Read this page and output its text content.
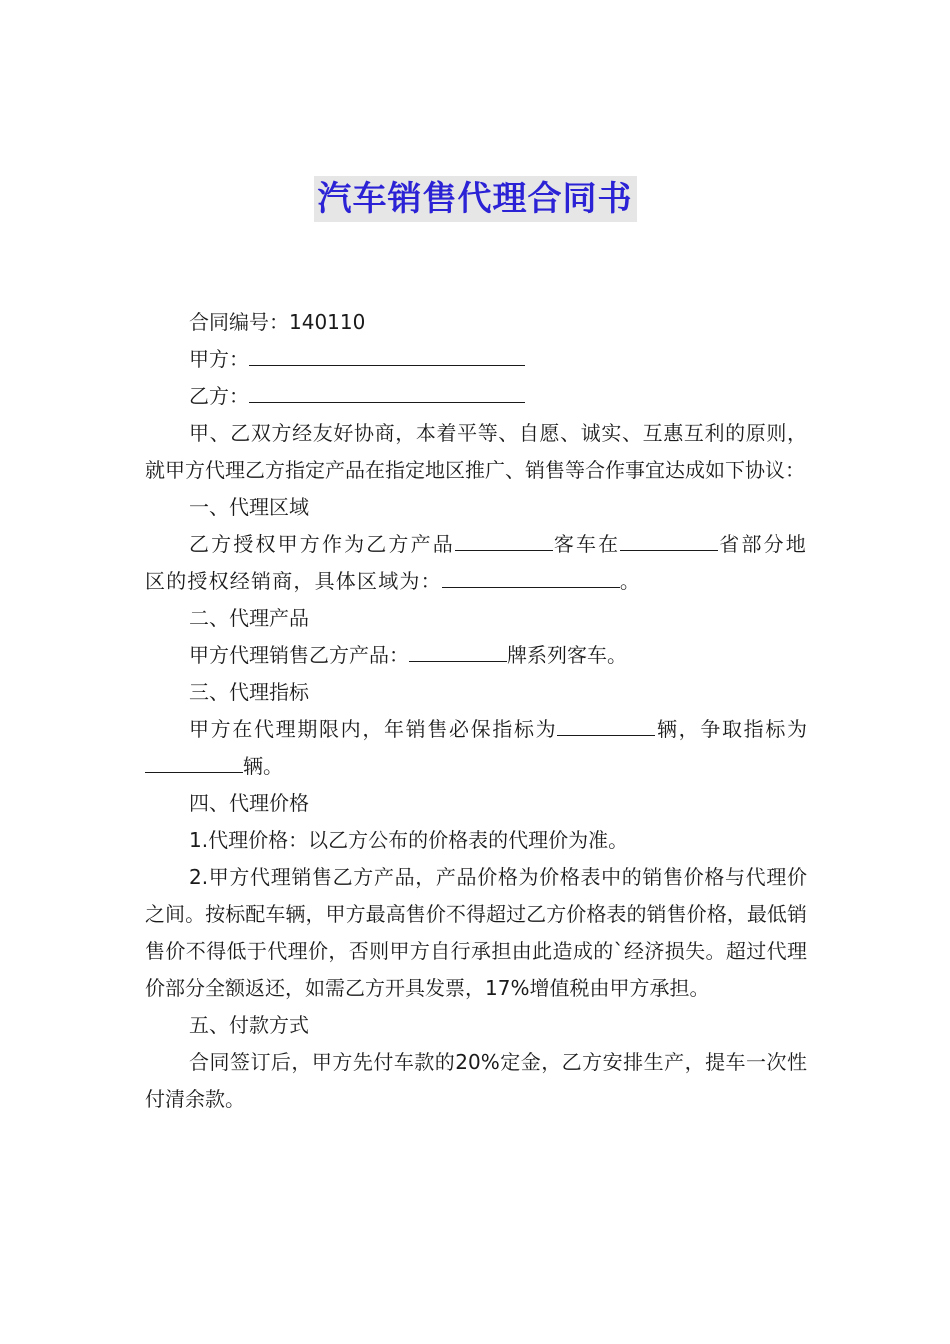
汽车销售代理合同书

合同编号：140110

甲方：

乙方：

甲、乙双方经友好协商，本着平等、自愿、诚实、互惠互利的原则，就甲方代理乙方指定产品在指定地区推广、销售等合作事宜达成如下协议：

一、代理区域

乙方授权甲方作为乙方产品	客车在	省部分地区的授权经销商，具体区域为：	。

二、代理产品

甲方代理销售乙方产品：	牌系列客车。

三、代理指标

甲方在代理期限内，年销售必保指标为	辆，争取指标为辆。

四、代理价格

1.代理价格：以乙方公布的价格表的代理价为准。

2.甲方代理销售乙方产品，产品价格为价格表中的销售价格与代理价之间。按标配车辆，甲方最高售价不得超过乙方价格表的销售价格，最低销售价不得低于代理价，否则甲方自行承担由此造成的`经济损失。超过代理价部分全额返还，如需乙方开具发票，17%增值税由甲方承担。

五、付款方式

合同签订后，甲方先付车款的20%定金，乙方安排生产，提车一次性付清余款。
